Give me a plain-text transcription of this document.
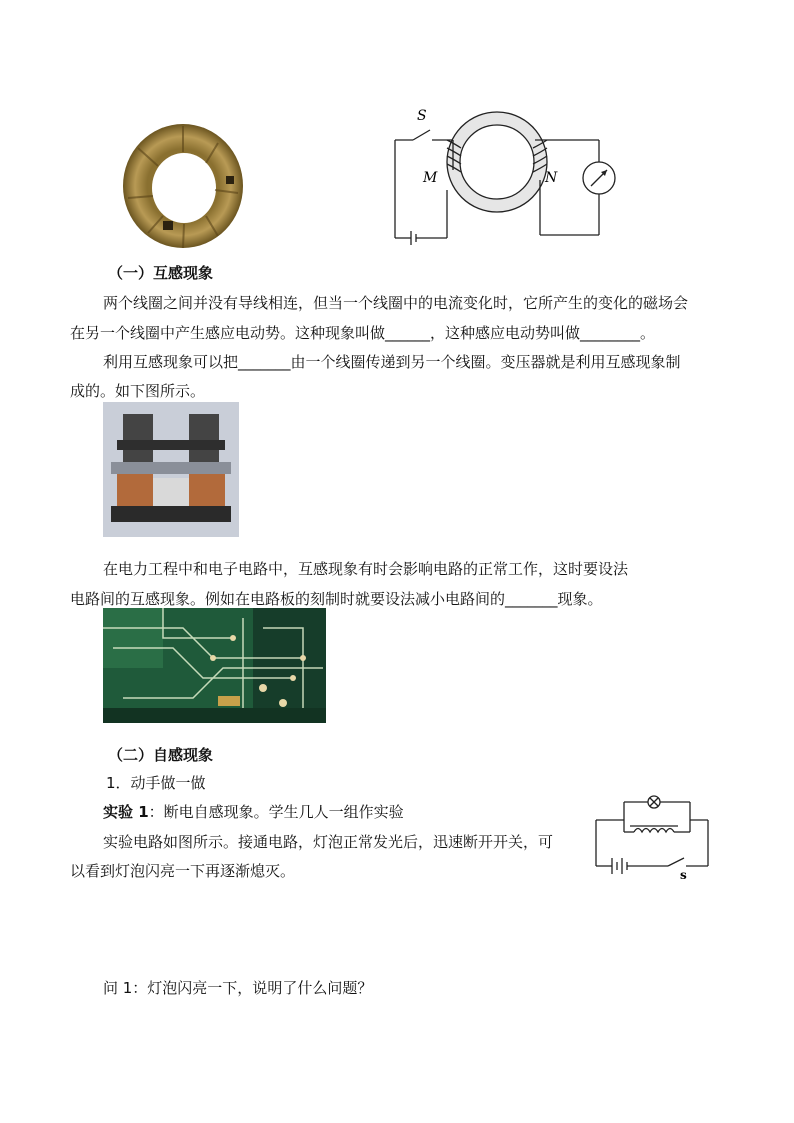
S
M	N
（一）互感现象
两个线圈之间并没有导线相连，但当一个线圈中的电流变化时，它所产生的变化的磁场会
在另一个线圈中产生感应电动势。这种现象叫做______，这种感应电动势叫做________。
利用互感现象可以把_______由一个线圈传递到另一个线圈。变压器就是利用互感现象制
成的。如下图所示。
在电力工程中和电子电路中，互感现象有时会影响电路的正常工作，这时要设法
电路间的互感现象。例如在电路板的刻制时就要设法减小电路间的_______现象。
（二）自感现象
1．动手做一做
实验 1：断电自感现象。学生几人一组作实验
实验电路如图所示。接通电路，灯泡正常发光后，迅速断开开关，可
以看到灯泡闪亮一下再逐渐熄灭。	s
问 1：灯泡闪亮一下，说明了什么问题？
